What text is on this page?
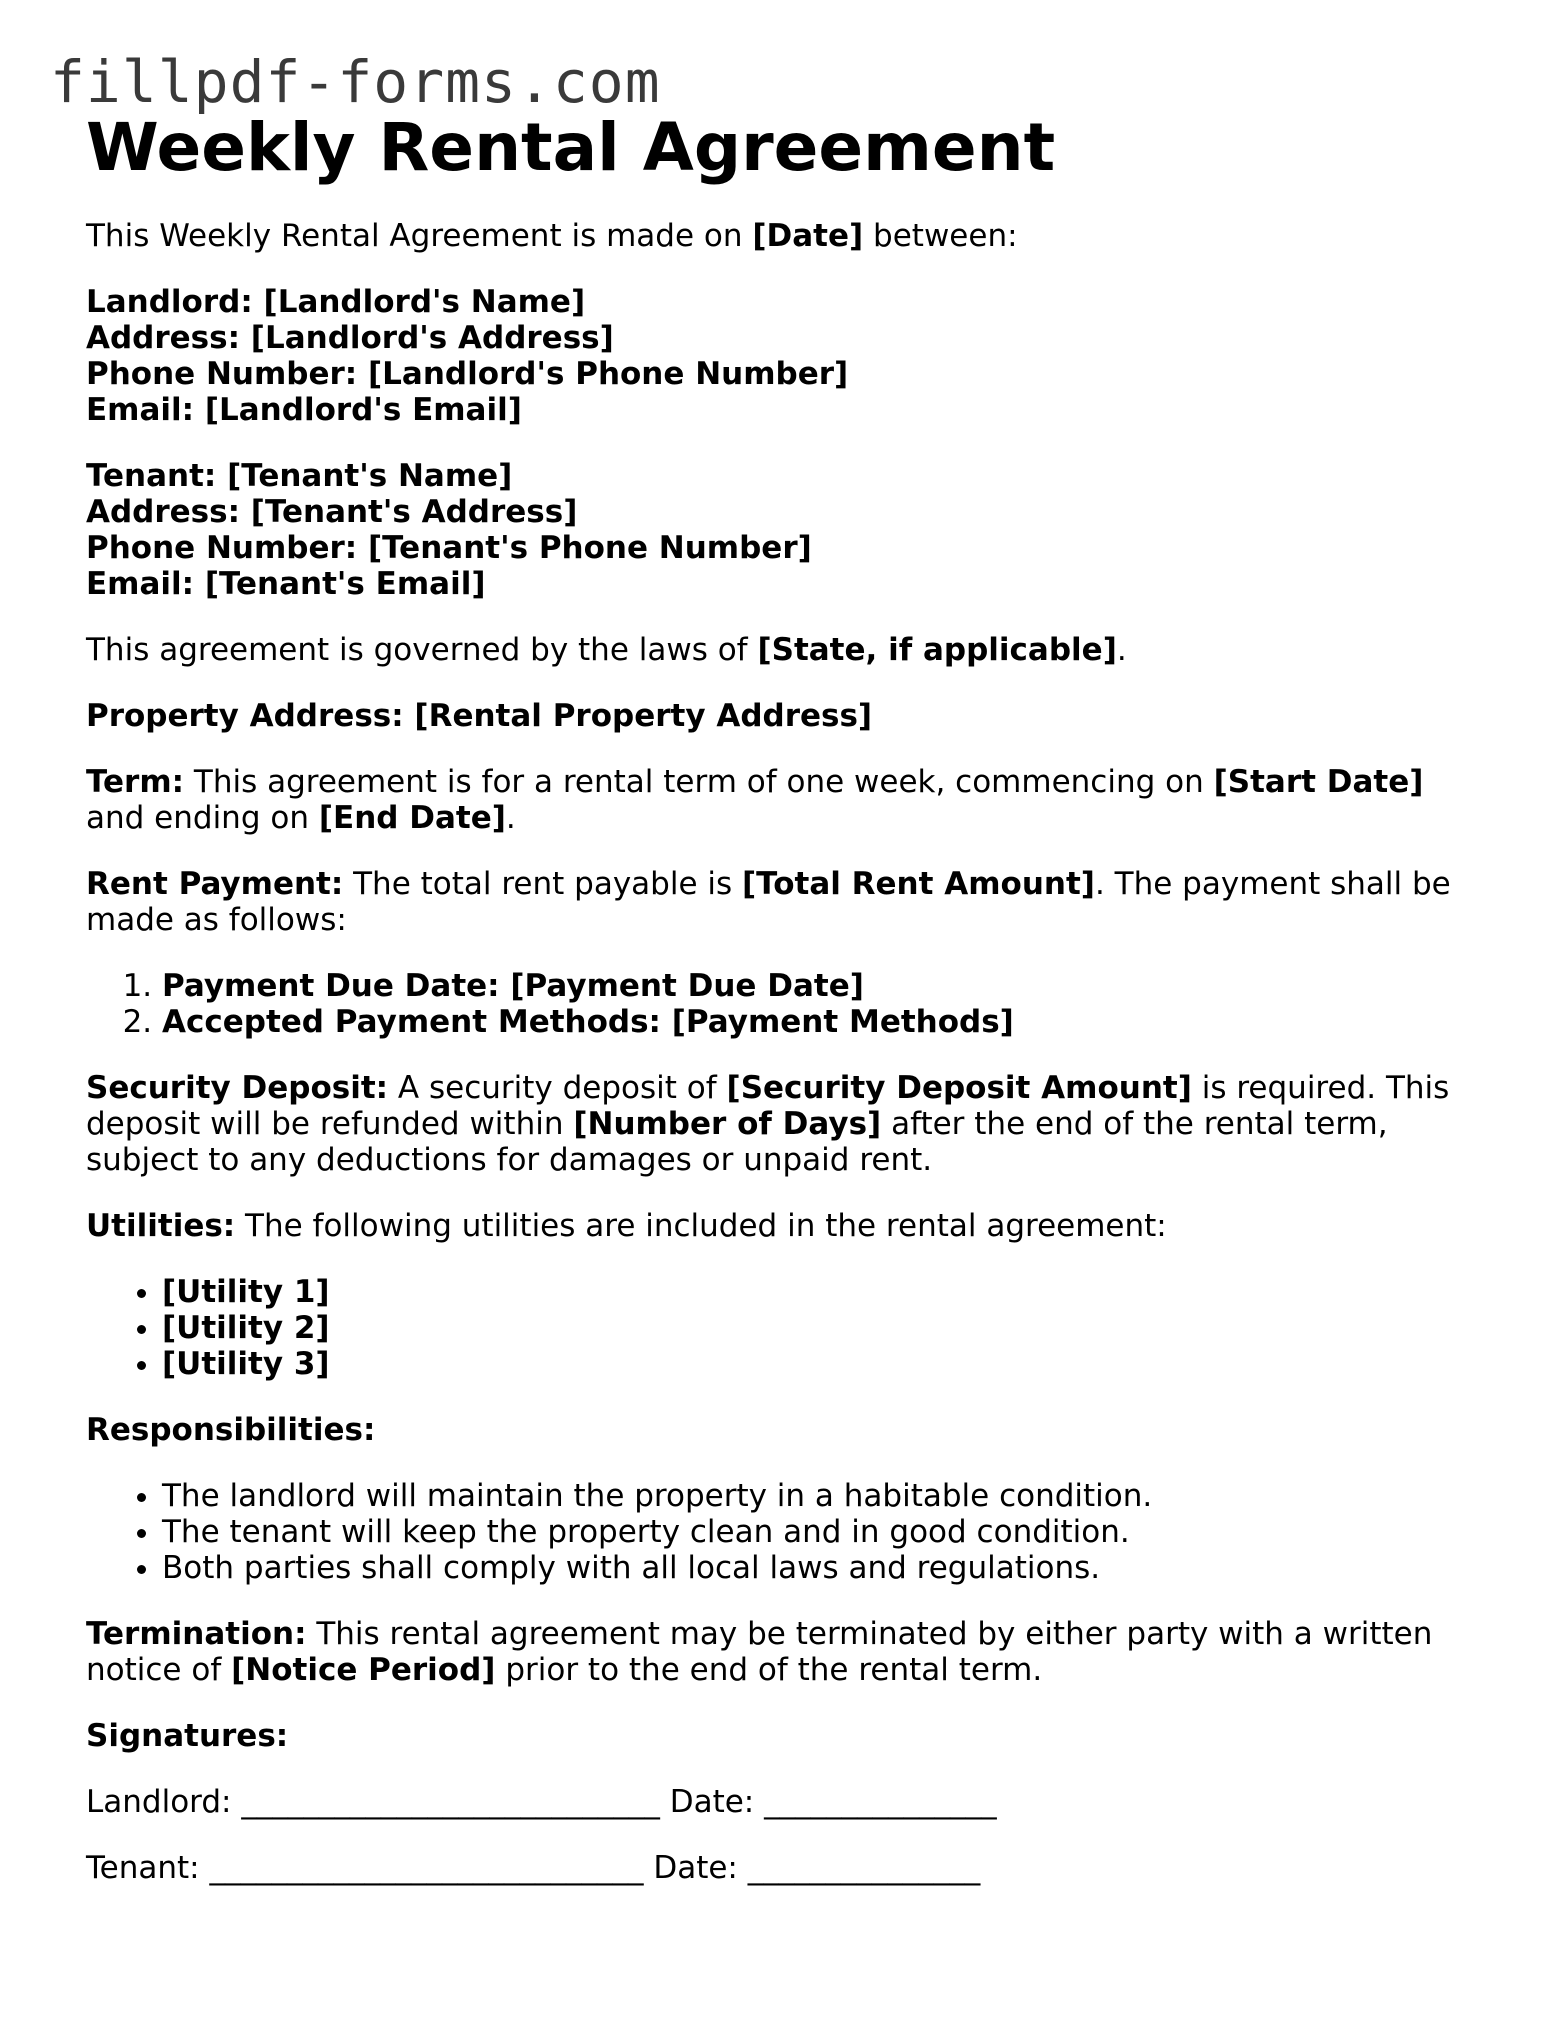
fillpdf-forms.com
Weekly Rental Agreement

This Weekly Rental Agreement is made on [Date] between:

Landlord: [Landlord's Name]
Address: [Landlord's Address]
Phone Number: [Landlord's Phone Number]
Email: [Landlord's Email]
Tenant: [Tenant's Name]
Address: [Tenant's Address]
Phone Number: [Tenant's Phone Number]
Email: [Tenant's Email]

This agreement is governed by the laws of [State, if applicable].

Property Address: [Rental Property Address]

Term: This agreement is for a rental term of one week, commencing on [Start Date] and ending on [End Date].

Rent Payment: The total rent payable is [Total Rent Amount]. The payment shall be made as follows:

1. Payment Due Date: [Payment Due Date]
2. Accepted Payment Methods: [Payment Methods]

Security Deposit: A security deposit of [Security Deposit Amount] is required. This deposit will be refunded within [Number of Days] after the end of the rental term, subject to any deductions for damages or unpaid rent.

Utilities: The following utilities are included in the rental agreement:

• [Utility 1]
• [Utility 2]
• [Utility 3]

Responsibilities:

• The landlord will maintain the property in a habitable condition.
• The tenant will keep the property clean and in good condition.
• Both parties shall comply with all local laws and regulations.

Termination: This rental agreement may be terminated by either party with a written notice of [Notice Period] prior to the end of the rental term.

Signatures:

Landlord: ___________________________ Date: _______________
Tenant: ____________________________ Date: _______________
